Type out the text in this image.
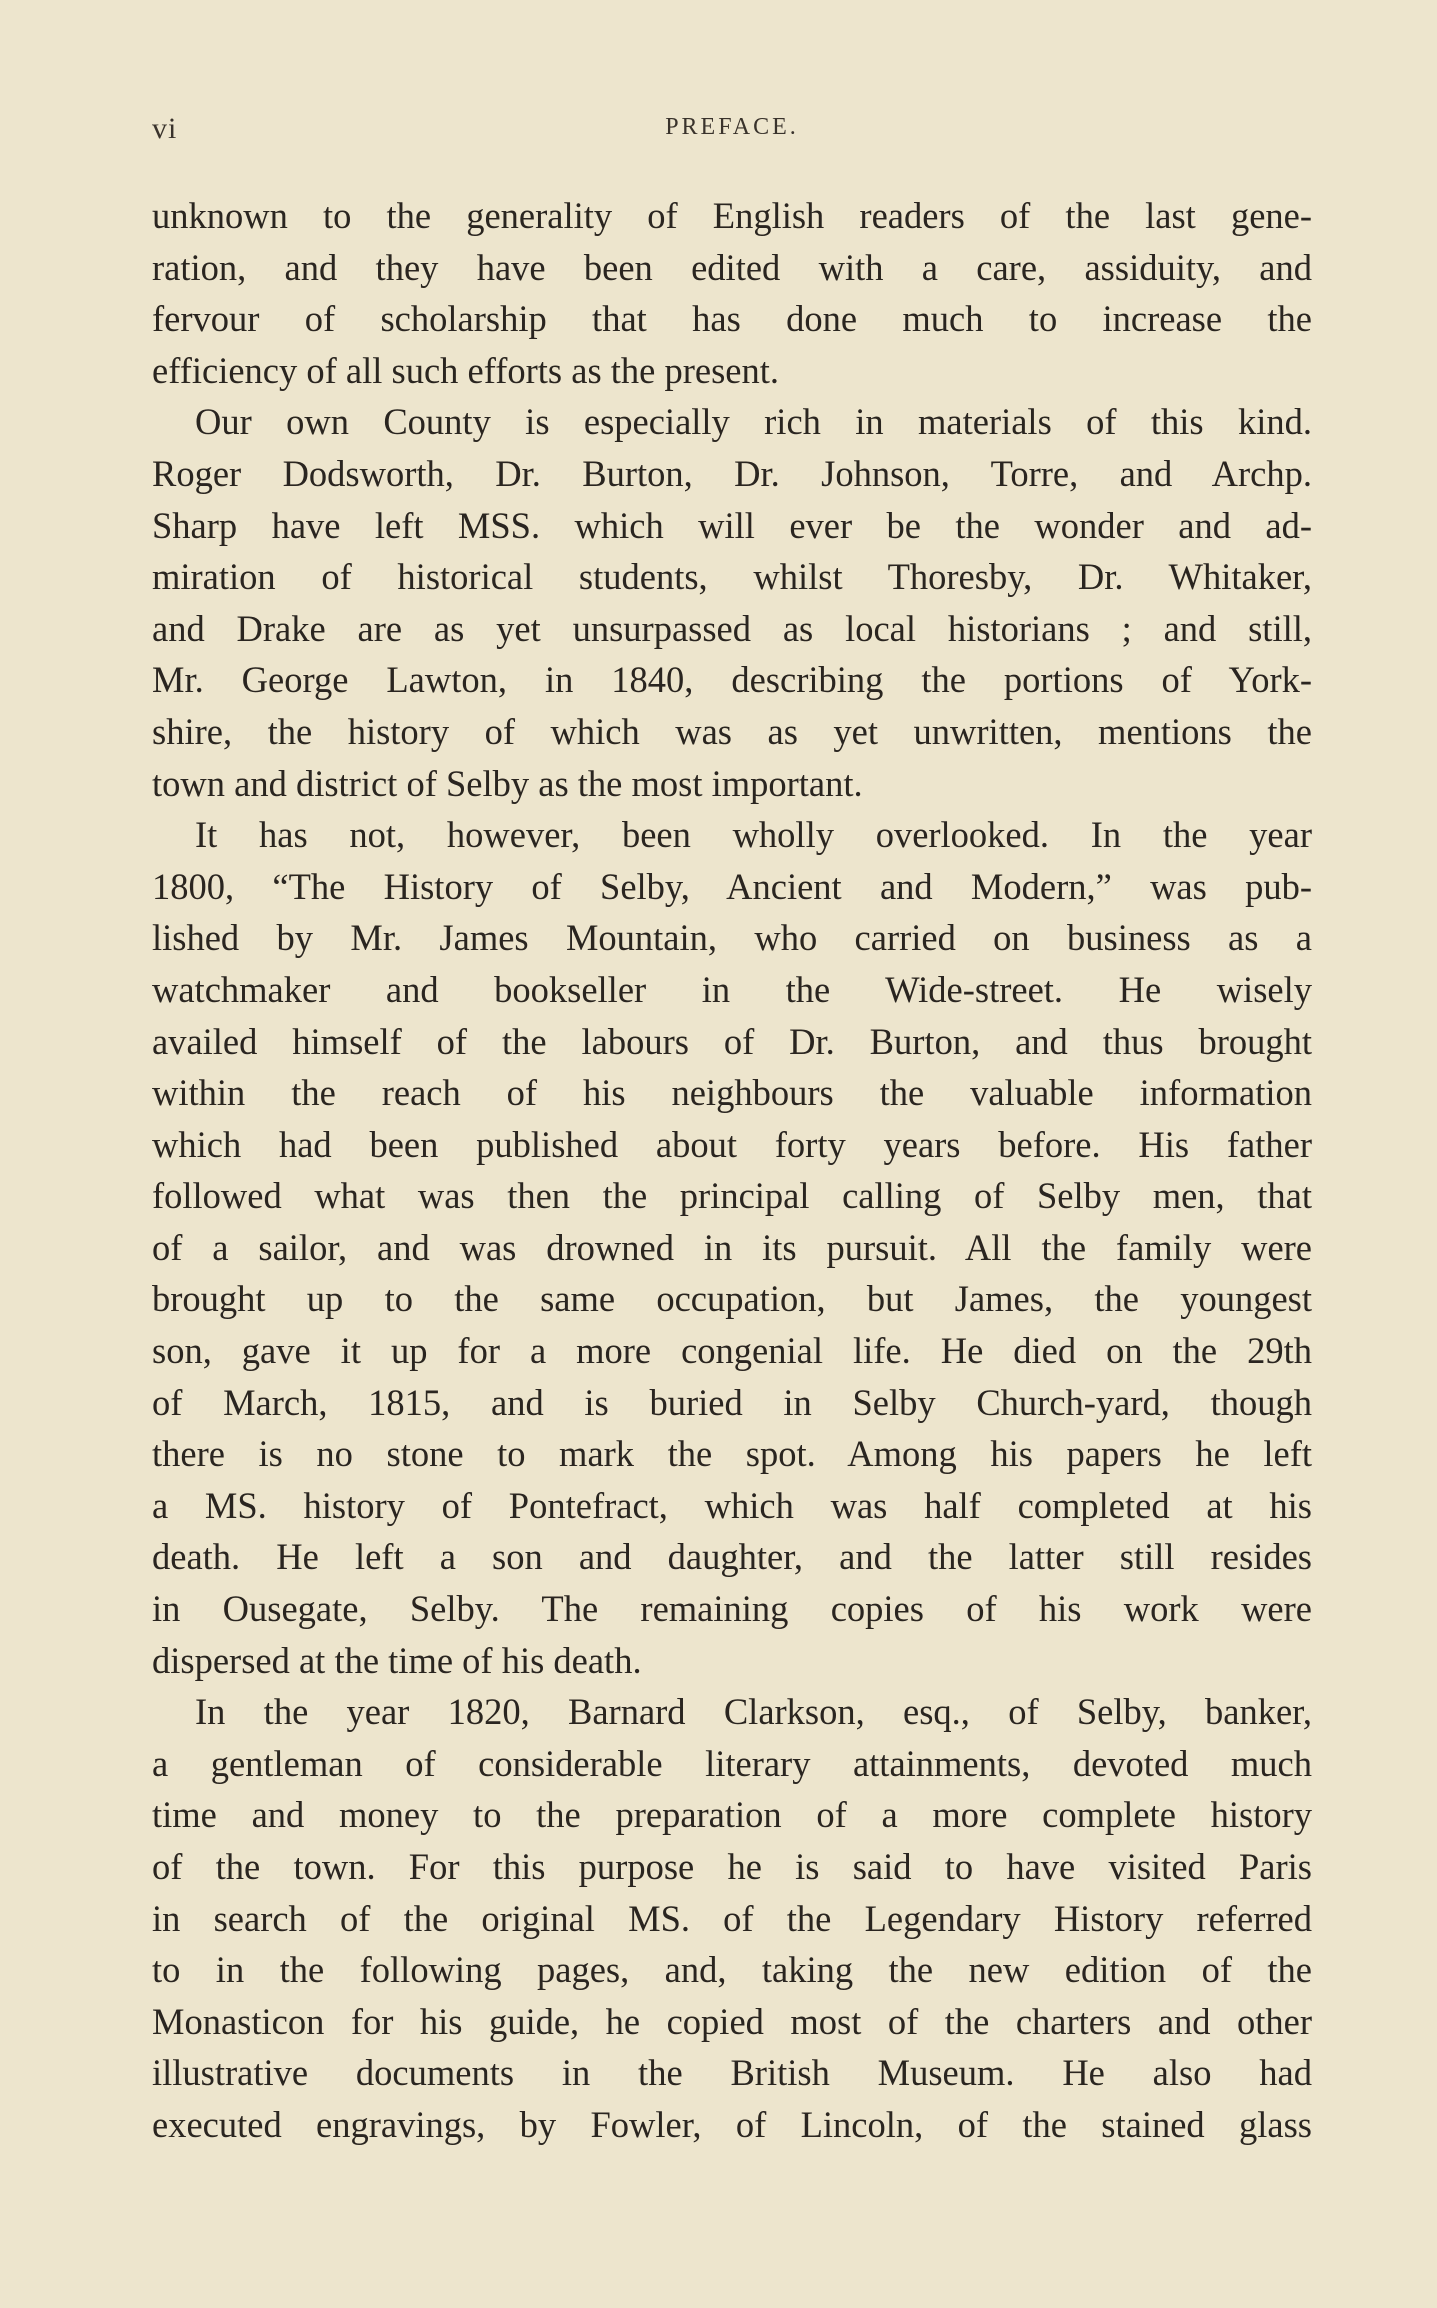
vi	PREFACE.
unknown to the generality of English readers of the last gene-
ration, and they have been edited with a care, assiduity, and
fervour of scholarship that has done much to increase the
efficiency of all such efforts as the present.
Our own County is especially rich in materials of this kind.
Roger Dodsworth, Dr. Burton, Dr. Johnson, Torre, and Archp.
Sharp have left MSS. which will ever be the wonder and ad-
miration of historical students, whilst Thoresby, Dr. Whitaker,
and Drake are as yet unsurpassed as local historians ; and still,
Mr. George Lawton, in 1840, describing the portions of York-
shire, the history of which was as yet unwritten, mentions the
town and district of Selby as the most important.
It has not, however, been wholly overlooked. In the year
1800, “The History of Selby, Ancient and Modern,” was pub-
lished by Mr. James Mountain, who carried on business as a
watchmaker and bookseller in the Wide-street. He wisely
availed himself of the labours of Dr. Burton, and thus brought
within the reach of his neighbours the valuable information
which had been published about forty years before. His father
followed what was then the principal calling of Selby men, that
of a sailor, and was drowned in its pursuit. All the family were
brought up to the same occupation, but James, the youngest
son, gave it up for a more congenial life. He died on the 29th
of March, 1815, and is buried in Selby Church-yard, though
there is no stone to mark the spot. Among his papers he left
a MS. history of Pontefract, which was half completed at his
death. He left a son and daughter, and the latter still resides
in Ousegate, Selby. The remaining copies of his work were
dispersed at the time of his death.
In the year 1820, Barnard Clarkson, esq., of Selby, banker,
a gentleman of considerable literary attainments, devoted much
time and money to the preparation of a more complete history
of the town. For this purpose he is said to have visited Paris
in search of the original MS. of the Legendary History referred
to in the following pages, and, taking the new edition of the
Monasticon for his guide, he copied most of the charters and other
illustrative documents in the British Museum. He also had
executed engravings, by Fowler, of Lincoln, of the stained glass
